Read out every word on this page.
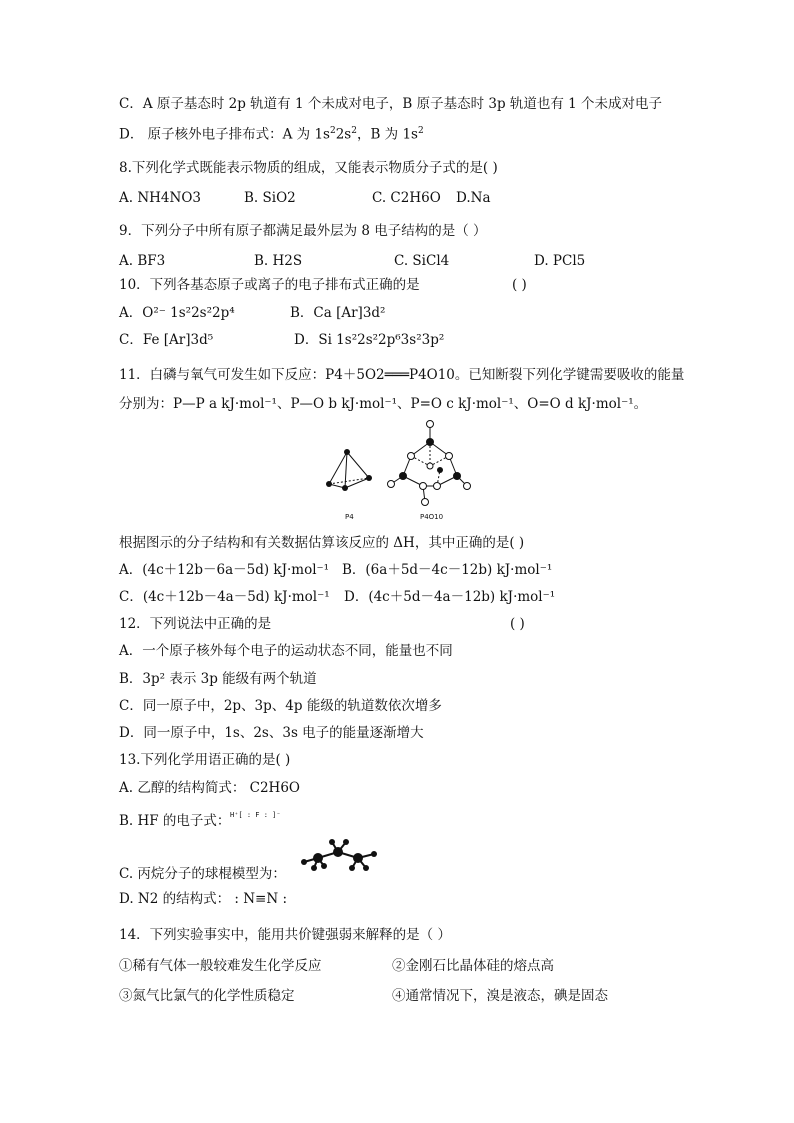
C．A 原子基态时 2p 轨道有 1 个未成对电子，B 原子基态时 3p 轨道也有 1 个未成对电子
D． 原子核外电子排布式：A 为 $1s^22s^2$，B 为 $1s^2$
8.下列化学式既能表示物质的组成，又能表示物质分子式的是( )
A. NH4NO3	B. SiO2	C. C2H6O D.Na
9．下列分子中所有原子都满足最外层为 8 电子结构的是（ ）
A. BF3	B. H2S	C. SiCl4	D. PCl5
10．下列各基态原子或离子的电子排布式正确的是	( )
A．O²⁻ 1s²2s²2p⁴	B．Ca [Ar]3d²
C．Fe [Ar]3d⁵	D．Si 1s²2s²2p⁶3s²3p²
11．白磷与氧气可发生如下反应：P4＋5O2═══P4O10。已知断裂下列化学键需要吸收的能量
分别为：P—P a kJ·mol⁻¹、P—O b kJ·mol⁻¹、P=O c kJ·mol⁻¹、O=O d kJ·mol⁻¹。
P4	P4O10
根据图示的分子结构和有关数据估算该反应的 ΔH，其中正确的是( )
A．(4c＋12b－6a－5d) kJ·mol⁻¹ B．(6a＋5d－4c－12b) kJ·mol⁻¹
C．(4c＋12b－4a－5d) kJ·mol⁻¹ D．(4c＋5d－4a－12b) kJ·mol⁻¹
12．下列说法中正确的是	( )
A．一个原子核外每个电子的运动状态不同，能量也不同
B．3p² 表示 3p 能级有两个轨道
C．同一原子中，2p、3p、4p 能级的轨道数依次增多
D．同一原子中，1s、2s、3s 电子的能量逐渐增大
13.下列化学用语正确的是( )
A. 乙醇的结构简式： C2H6O
B. HF 的电子式： H⁺[ : F : ]⁻
C. 丙烷分子的球棍模型为：
D. N2 的结构式： : N≡N :
14．下列实验事实中，能用共价键强弱来解释的是（ ）
①稀有气体一般较难发生化学反应	②金刚石比晶体硅的熔点高
③氮气比氯气的化学性质稳定	④通常情况下，溴是液态，碘是固态
